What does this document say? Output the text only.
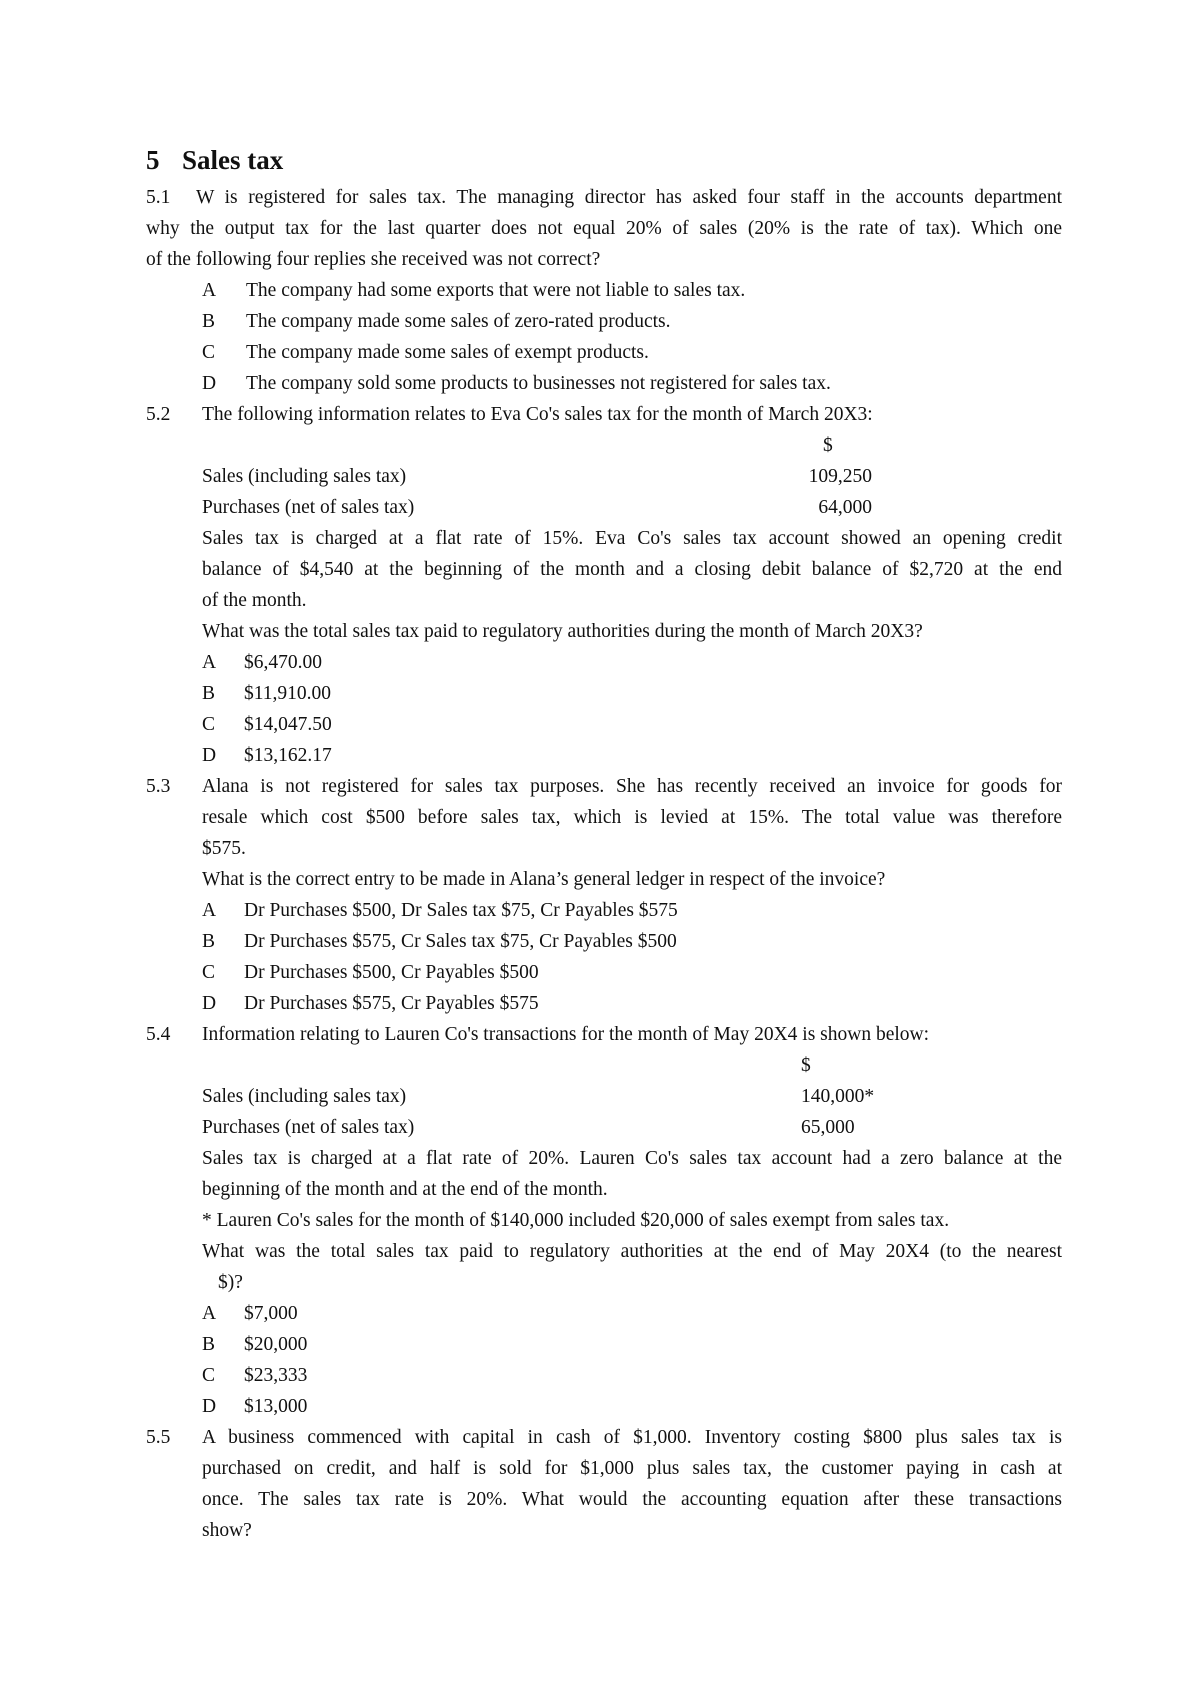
5 Sales tax
5.1 W is registered for sales tax. The managing director has asked four staff in the accounts department
why the output tax for the last quarter does not equal 20% of sales (20% is the rate of tax). Which one
of the following four replies she received was not correct?
A The company had some exports that were not liable to sales tax.
B The company made some sales of zero-rated products.
C The company made some sales of exempt products.
D The company sold some products to businesses not registered for sales tax.
5.2 The following information relates to Eva Co's sales tax for the month of March 20X3:
$
Sales (including sales tax)	109,250
Purchases (net of sales tax)	64,000
Sales tax is charged at a flat rate of 15%. Eva Co's sales tax account showed an opening credit
balance of $4,540 at the beginning of the month and a closing debit balance of $2,720 at the end
of the month.
What was the total sales tax paid to regulatory authorities during the month of March 20X3?
A $6,470.00
B $11,910.00
C $14,047.50
D $13,162.17
5.3 Alana is not registered for sales tax purposes. She has recently received an invoice for goods for
resale which cost $500 before sales tax, which is levied at 15%. The total value was therefore
$575.
What is the correct entry to be made in Alana’s general ledger in respect of the invoice?
A Dr Purchases $500, Dr Sales tax $75, Cr Payables $575
B Dr Purchases $575, Cr Sales tax $75, Cr Payables $500
C Dr Purchases $500, Cr Payables $500
D Dr Purchases $575, Cr Payables $575
5.4 Information relating to Lauren Co's transactions for the month of May 20X4 is shown below:
$
Sales (including sales tax)	140,000*
Purchases (net of sales tax)	65,000
Sales tax is charged at a flat rate of 20%. Lauren Co's sales tax account had a zero balance at the
beginning of the month and at the end of the month.
* Lauren Co's sales for the month of $140,000 included $20,000 of sales exempt from sales tax.
What was the total sales tax paid to regulatory authorities at the end of May 20X4 (to the nearest
$)?
A $7,000
B $20,000
C $23,333
D $13,000
5.5 A business commenced with capital in cash of $1,000. Inventory costing $800 plus sales tax is
purchased on credit, and half is sold for $1,000 plus sales tax, the customer paying in cash at
once. The sales tax rate is 20%. What would the accounting equation after these transactions
show?
